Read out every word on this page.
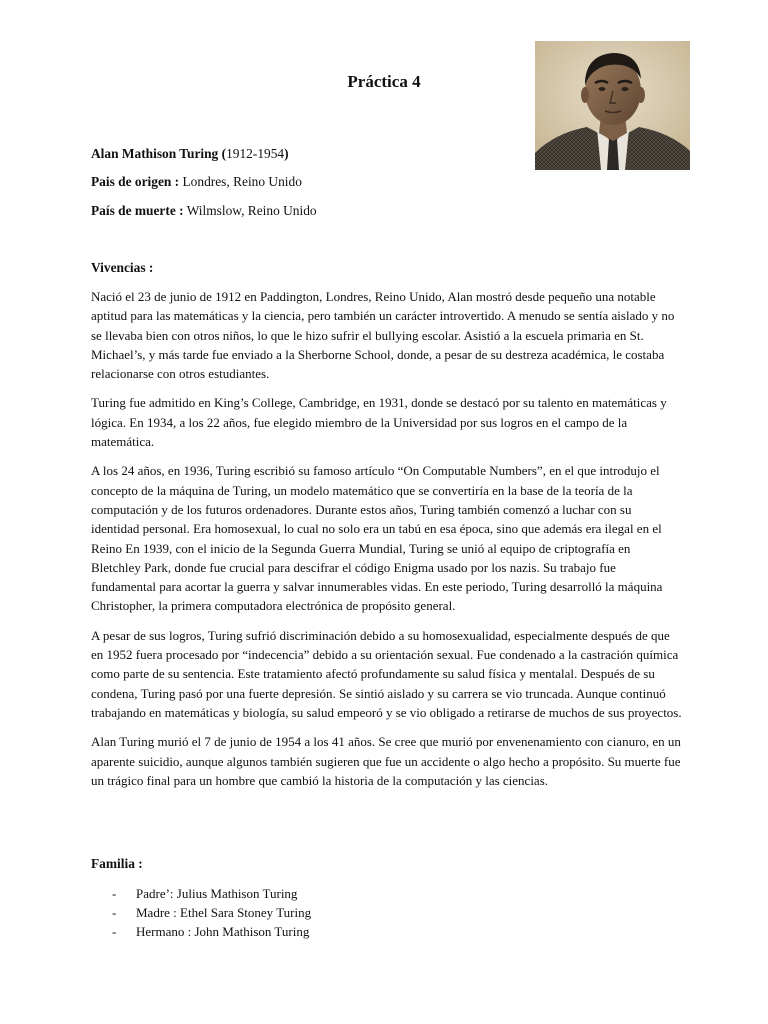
Práctica 4
Alan Mathison Turing (1912-1954)
Pais de origen : Londres, Reino Unido
País de muerte : Wilmslow, Reino Unido
Vivencias :

Nació el 23 de junio de 1912 en Paddington, Londres, Reino Unido, Alan mostró desde pequeño una notable aptitud para las matemáticas y la ciencia, pero también un carácter introvertido. A menudo se sentía aislado y no se llevaba bien con otros niños, lo que le hizo sufrir el bullying escolar. Asistió a la escuela primaria en St. Michael’s, y más tarde fue enviado a la Sherborne School, donde, a pesar de su destreza académica, le costaba relacionarse con otros estudiantes.

Turing fue admitido en King’s College, Cambridge, en 1931, donde se destacó por su talento en matemáticas y lógica. En 1934, a los 22 años, fue elegido miembro de la Universidad por sus logros en el campo de la matemática.

A los 24 años, en 1936, Turing escribió su famoso artículo “On Computable Numbers”, en el que introdujo el concepto de la máquina de Turing, un modelo matemático que se convertiría en la base de la teoría de la computación y de los futuros ordenadores. Durante estos años, Turing también comenzó a luchar con su identidad personal. Era homosexual, lo cual no solo era un tabú en esa época, sino que además era ilegal en el Reino En 1939, con el inicio de la Segunda Guerra Mundial, Turing se unió al equipo de criptografía en Bletchley Park, donde fue crucial para descifrar el código Enigma usado por los nazis. Su trabajo fue fundamental para acortar la guerra y salvar innumerables vidas. En este periodo, Turing desarrolló la máquina Christopher, la primera computadora electrónica de propósito general.

A pesar de sus logros, Turing sufrió discriminación debido a su homosexualidad, especialmente después de que en 1952 fuera procesado por “indecencia” debido a su orientación sexual. Fue condenado a la castración química como parte de su sentencia. Este tratamiento afectó profundamente su salud física y mentalal. Después de su condena, Turing pasó por una fuerte depresión. Se sintió aislado y su carrera se vio truncada. Aunque continuó trabajando en matemáticas y biología, su salud empeoró y se vio obligado a retirarse de muchos de sus proyectos.

Alan Turing murió el 7 de junio de 1954 a los 41 años. Se cree que murió por envenenamiento con cianuro, en un aparente suicidio, aunque algunos también sugieren que fue un accidente o algo hecho a propósito. Su muerte fue un trágico final para un hombre que cambió la historia de la computación y las ciencias.

Familia :
- Padre’: Julius Mathison Turing
- Madre : Ethel Sara Stoney Turing
- Hermano : John Mathison Turing
